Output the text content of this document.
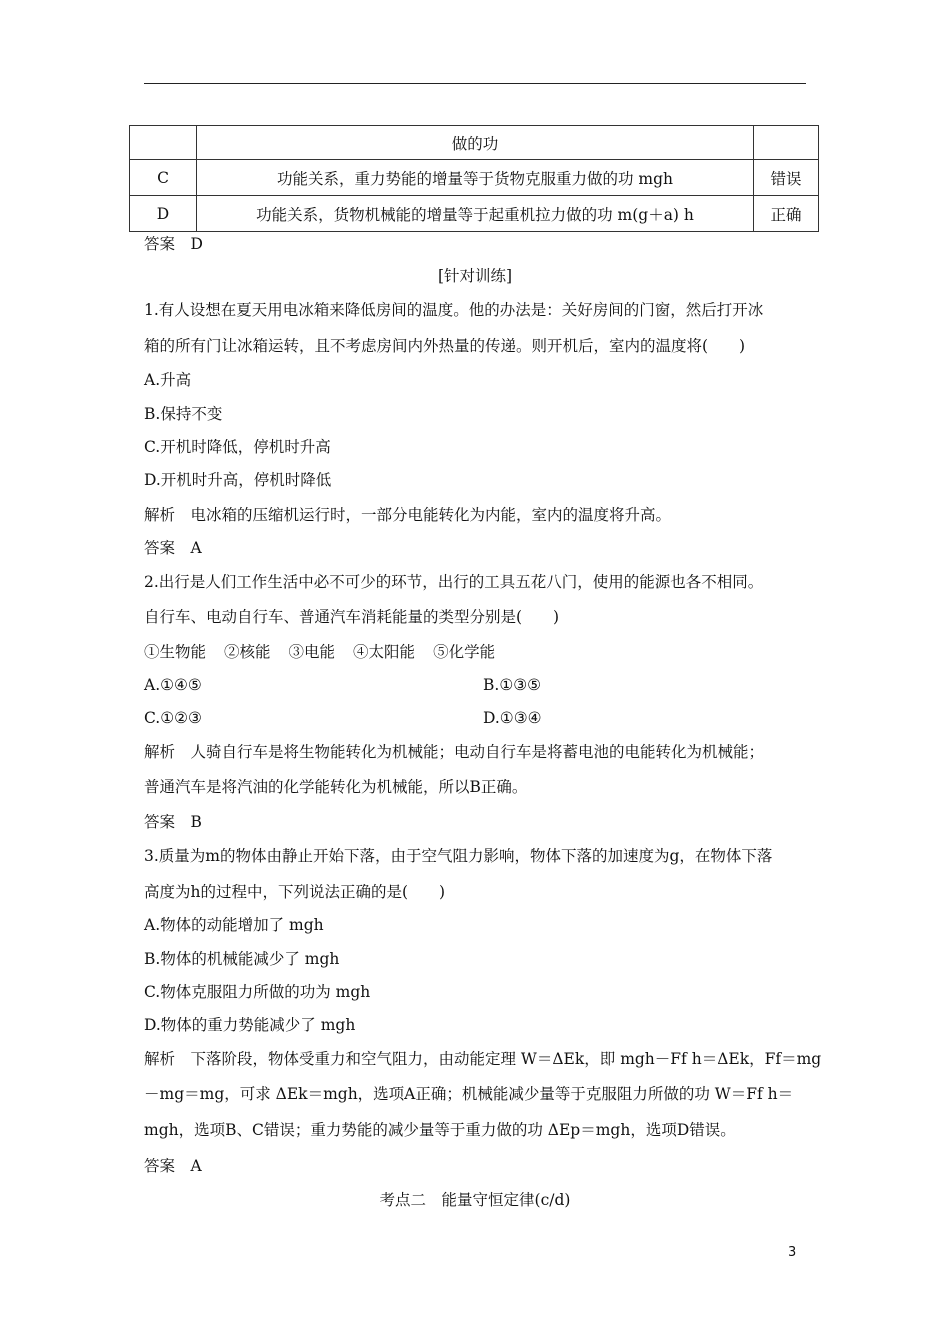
	做的功	
C	功能关系，重力势能的增量等于货物克服重力做的功 mgh	错误
D	功能关系，货物机械能的增量等于起重机拉力做的功 m(g＋a) h	正确
答案　D
[针对训练]
1.有人设想在夏天用电冰箱来降低房间的温度。他的办法是：关好房间的门窗，然后打开冰
箱的所有门让冰箱运转，且不考虑房间内外热量的传递。则开机后，室内的温度将(　　)
A.升高
B.保持不变
C.开机时降低，停机时升高
D.开机时升高，停机时降低
解析　电冰箱的压缩机运行时，一部分电能转化为内能，室内的温度将升高。
答案　A
2.出行是人们工作生活中必不可少的环节，出行的工具五花八门，使用的能源也各不相同。
自行车、电动自行车、普通汽车消耗能量的类型分别是(　　)
①生物能 ②核能 ③电能 ④太阳能 ⑤化学能
A.①④⑤	B.①③⑤
C.①②③	D.①③④
解析　人骑自行车是将生物能转化为机械能；电动自行车是将蓄电池的电能转化为机械能；
普通汽车是将汽油的化学能转化为机械能，所以B正确。
答案　B
3.质量为m的物体由静止开始下落，由于空气阻力影响，物体下落的加速度为g，在物体下落
高度为h的过程中，下列说法正确的是(　　)
A.物体的动能增加了 mgh
B.物体的机械能减少了 mgh
C.物体克服阻力所做的功为 mgh
D.物体的重力势能减少了 mgh
解析　下落阶段，物体受重力和空气阻力，由动能定理 W＝ΔEk，即 mgh－Ff h＝ΔEk，Ff＝mg
－mg＝mg，可求 ΔEk＝mgh，选项A正确；机械能减少量等于克服阻力所做的功 W＝Ff h＝
mgh，选项B、C错误；重力势能的减少量等于重力做的功 ΔEp＝mgh，选项D错误。
答案　A
考点二　能量守恒定律(c/d)
3
